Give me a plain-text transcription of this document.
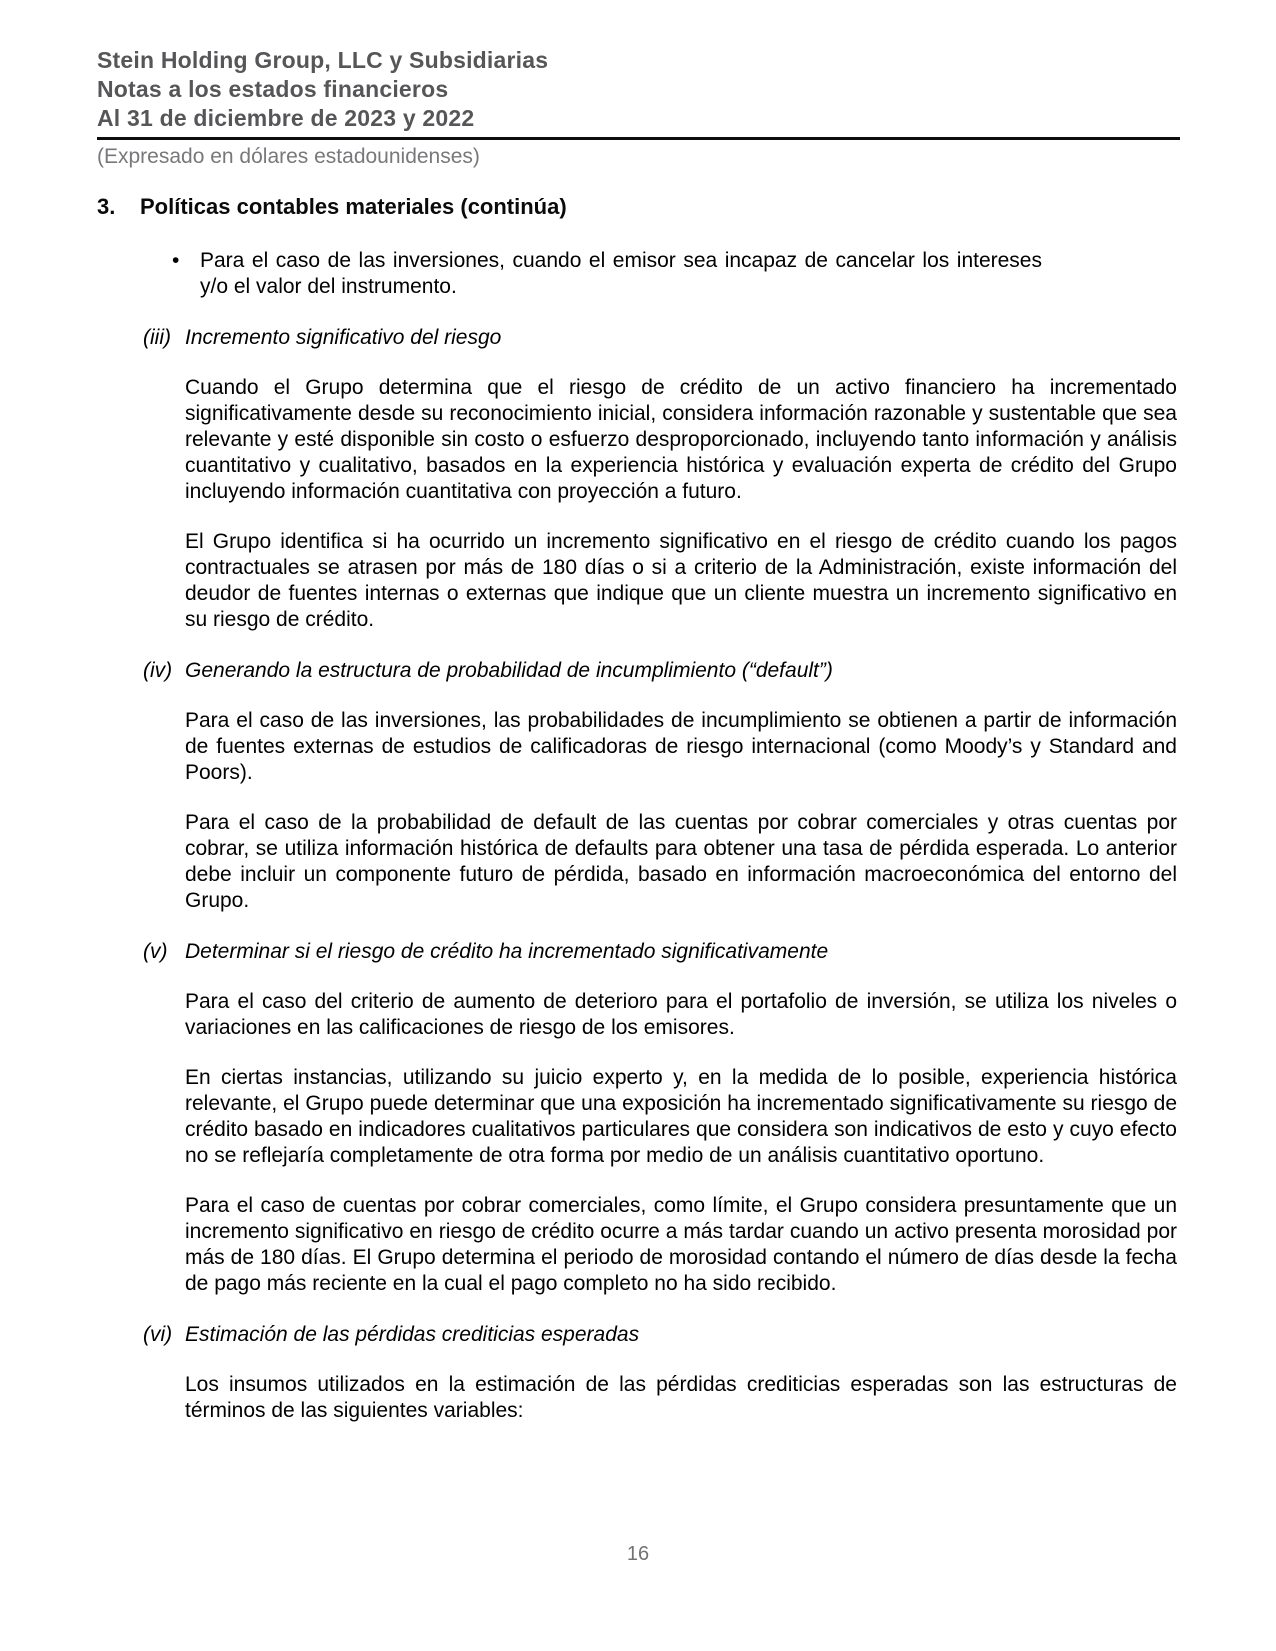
Stein Holding Group, LLC y Subsidiarias
Notas a los estados financieros
Al 31 de diciembre de 2023 y 2022
(Expresado en dólares estadounidenses)
3.	Políticas contables materiales (continúa)
• Para el caso de las inversiones, cuando el emisor sea incapaz de cancelar los intereses y/o el valor del instrumento.

(iii) Incremento significativo del riesgo

Cuando el Grupo determina que el riesgo de crédito de un activo financiero ha incrementado significativamente desde su reconocimiento inicial, considera información razonable y sustentable que sea relevante y esté disponible sin costo o esfuerzo desproporcionado, incluyendo tanto información y análisis cuantitativo y cualitativo, basados en la experiencia histórica y evaluación experta de crédito del Grupo incluyendo información cuantitativa con proyección a futuro.

El Grupo identifica si ha ocurrido un incremento significativo en el riesgo de crédito cuando los pagos contractuales se atrasen por más de 180 días o si a criterio de la Administración, existe información del deudor de fuentes internas o externas que indique que un cliente muestra un incremento significativo en su riesgo de crédito.

(iv) Generando la estructura de probabilidad de incumplimiento (“default”)

Para el caso de las inversiones, las probabilidades de incumplimiento se obtienen a partir de información de fuentes externas de estudios de calificadoras de riesgo internacional (como Moody’s y Standard and Poors).

Para el caso de la probabilidad de default de las cuentas por cobrar comerciales y otras cuentas por cobrar, se utiliza información histórica de defaults para obtener una tasa de pérdida esperada. Lo anterior debe incluir un componente futuro de pérdida, basado en información macroeconómica del entorno del Grupo.

(v) Determinar si el riesgo de crédito ha incrementado significativamente

Para el caso del criterio de aumento de deterioro para el portafolio de inversión, se utiliza los niveles o variaciones en las calificaciones de riesgo de los emisores.

En ciertas instancias, utilizando su juicio experto y, en la medida de lo posible, experiencia histórica relevante, el Grupo puede determinar que una exposición ha incrementado significativamente su riesgo de crédito basado en indicadores cualitativos particulares que considera son indicativos de esto y cuyo efecto no se reflejaría completamente de otra forma por medio de un análisis cuantitativo oportuno.

Para el caso de cuentas por cobrar comerciales, como límite, el Grupo considera presuntamente que un incremento significativo en riesgo de crédito ocurre a más tardar cuando un activo presenta morosidad por más de 180 días. El Grupo determina el periodo de morosidad contando el número de días desde la fecha de pago más reciente en la cual el pago completo no ha sido recibido.

(vi) Estimación de las pérdidas crediticias esperadas

Los insumos utilizados en la estimación de las pérdidas crediticias esperadas son las estructuras de términos de las siguientes variables:

16
